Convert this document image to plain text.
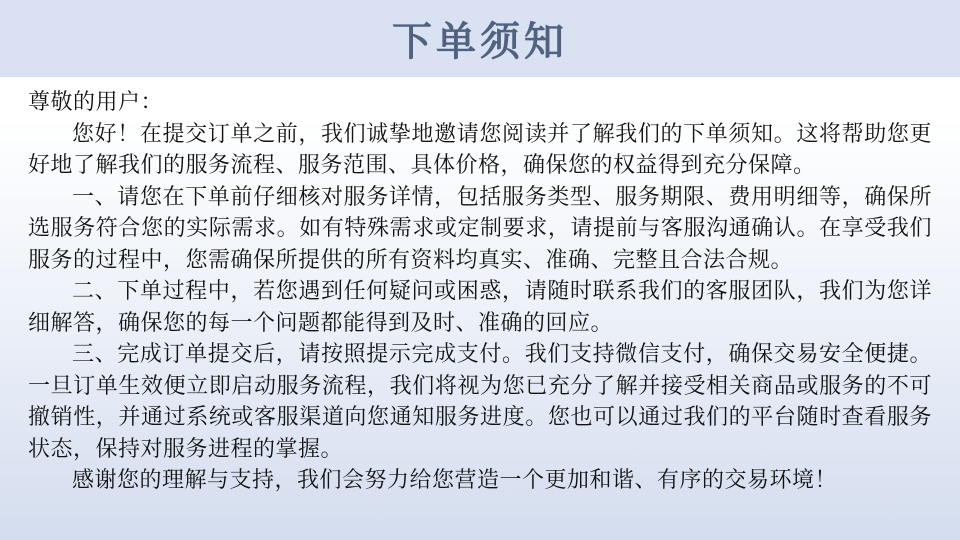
下单须知

尊敬的用户：

您好！在提交订单之前，我们诚挚地邀请您阅读并了解我们的下单须知。这将帮助您更好地了解我们的服务流程、服务范围、具体价格，确保您的权益得到充分保障。

一、请您在下单前仔细核对服务详情，包括服务类型、服务期限、费用明细等，确保所选服务符合您的实际需求。如有特殊需求或定制要求，请提前与客服沟通确认。在享受我们服务的过程中，您需确保所提供的所有资料均真实、准确、完整且合法合规。

二、下单过程中，若您遇到任何疑问或困惑，请随时联系我们的客服团队，我们为您详细解答，确保您的每一个问题都能得到及时、准确的回应。

三、完成订单提交后，请按照提示完成支付。我们支持微信支付，确保交易安全便捷。一旦订单生效便立即启动服务流程，我们将视为您已充分了解并接受相关商品或服务的不可撤销性，并通过系统或客服渠道向您通知服务进度。您也可以通过我们的平台随时查看服务状态，保持对服务进程的掌握。

感谢您的理解与支持，我们会努力给您营造一个更加和谐、有序的交易环境！
